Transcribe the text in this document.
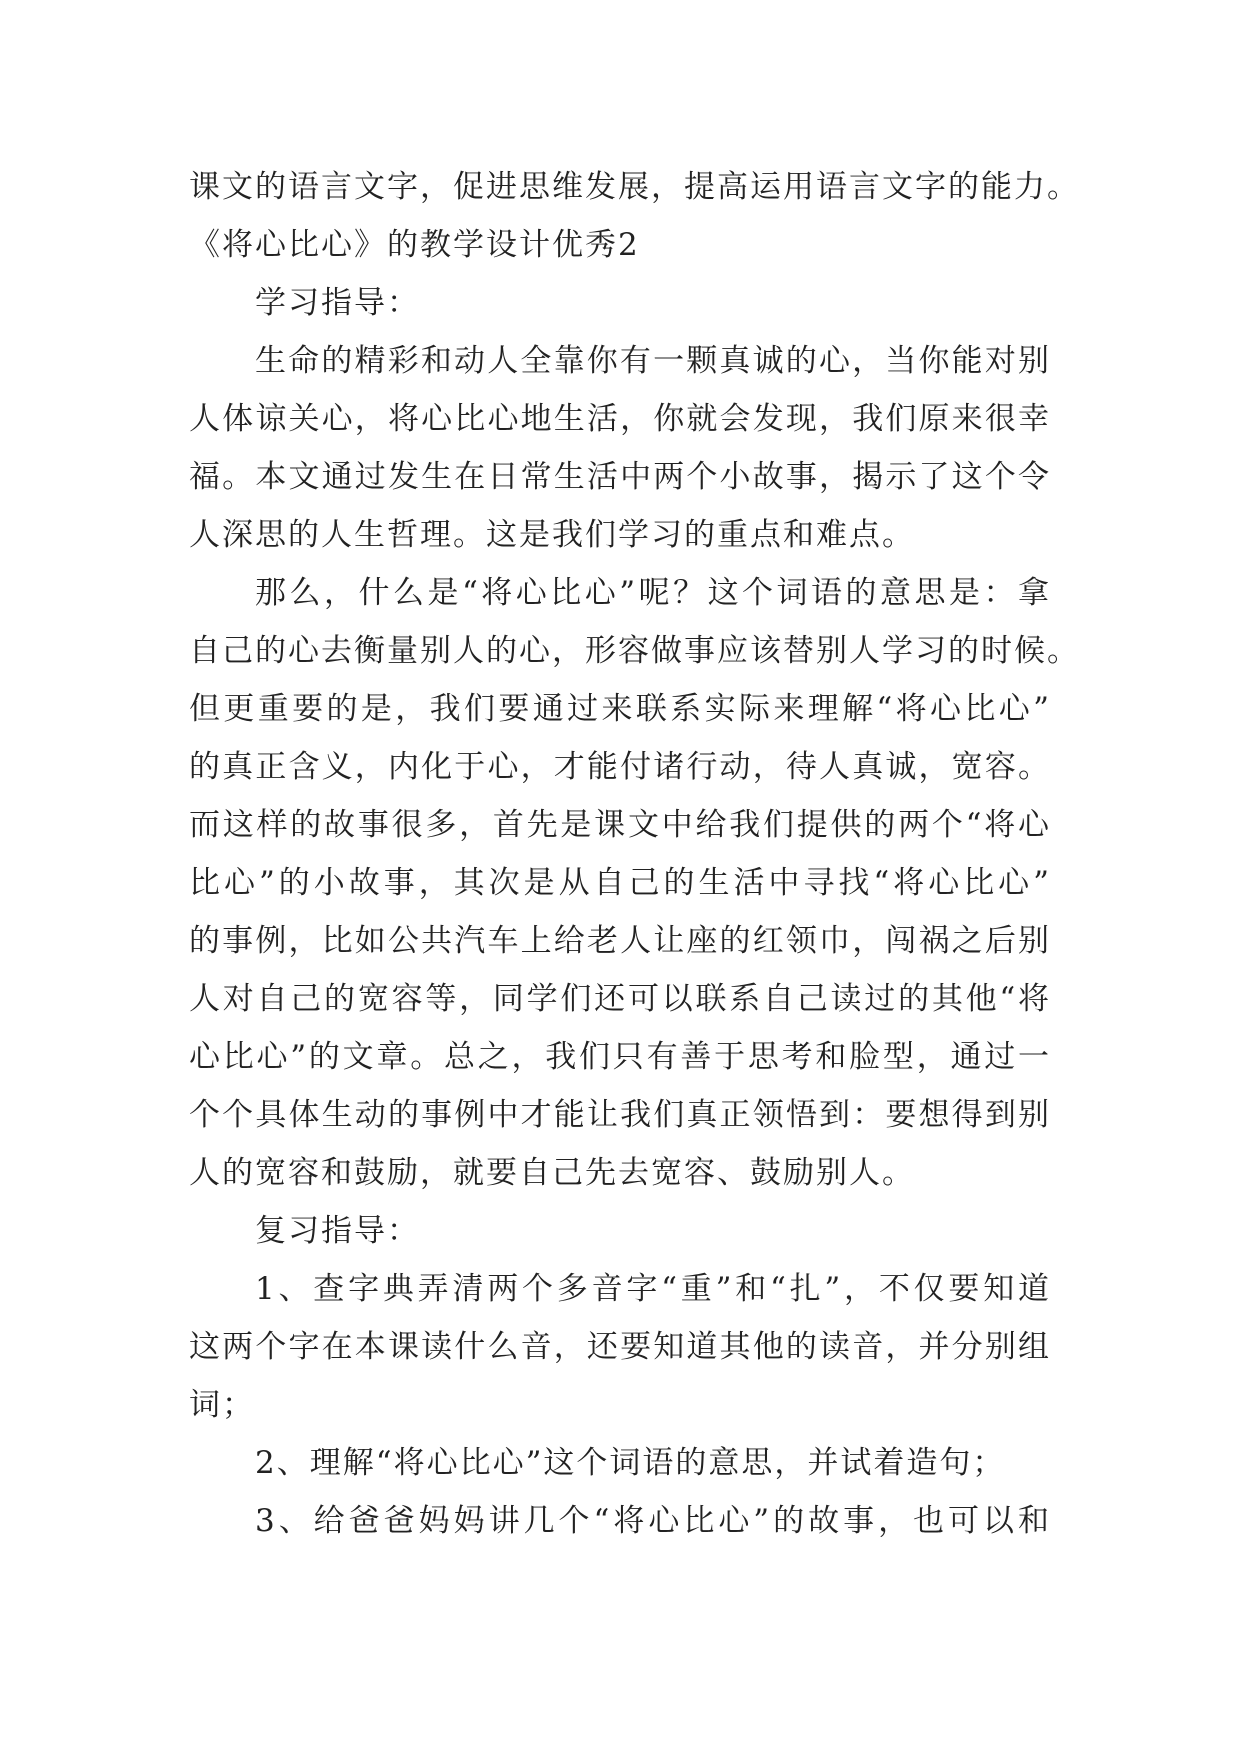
课文的语言文字，促进思维发展，提高运用语言文字的能力。
《将心比心》的教学设计优秀2
学习指导：
生命的精彩和动人全靠你有一颗真诚的心，当你能对别
人体谅关心，将心比心地生活，你就会发现，我们原来很幸
福。本文通过发生在日常生活中两个小故事，揭示了这个令
人深思的人生哲理。这是我们学习的重点和难点。
那么，什么是“将心比心”呢？这个词语的意思是：拿
自己的心去衡量别人的心，形容做事应该替别人学习的时候。
但更重要的是，我们要通过来联系实际来理解“将心比心”
的真正含义，内化于心，才能付诸行动，待人真诚，宽容。
而这样的故事很多，首先是课文中给我们提供的两个“将心
比心”的小故事，其次是从自己的生活中寻找“将心比心”
的事例，比如公共汽车上给老人让座的红领巾，闯祸之后别
人对自己的宽容等，同学们还可以联系自己读过的其他“将
心比心”的文章。总之，我们只有善于思考和脸型，通过一
个个具体生动的事例中才能让我们真正领悟到：要想得到别
人的宽容和鼓励，就要自己先去宽容、鼓励别人。
复习指导：
1、查字典弄清两个多音字“重”和“扎”，不仅要知道
这两个字在本课读什么音，还要知道其他的读音，并分别组
词；
2、理解“将心比心”这个词语的意思，并试着造句；
3、给爸爸妈妈讲几个“将心比心”的故事，也可以和
